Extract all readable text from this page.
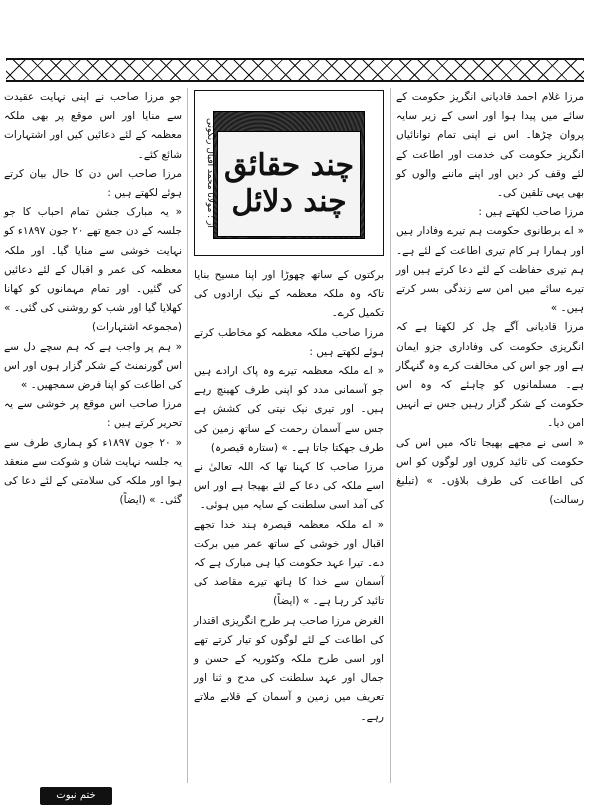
مرزا غلام احمد قادیانی انگریز حکومت کے سائے میں پیدا ہوا اور اسی کے زیر سایہ پروان چڑھا۔ اس نے اپنی تمام توانائیاں انگریز حکومت کی خدمت اور اطاعت کے لئے وقف کر دیں اور اپنے ماننے والوں کو بھی یہی تلقین کی۔

مرزا صاحب لکھتے ہیں :

« اے برطانوی حکومت ہم تیرے وفادار ہیں اور ہمارا ہر کام تیری اطاعت کے لئے ہے۔ ہم تیری حفاظت کے لئے دعا کرتے ہیں اور تیرے سائے میں امن سے زندگی بسر کرتے ہیں۔ »

مرزا قادیانی آگے چل کر لکھتا ہے کہ انگریزی حکومت کی وفاداری جزو ایمان ہے اور جو اس کی مخالفت کرے وہ گنہگار ہے۔ مسلمانوں کو چاہئے کہ وہ اس حکومت کے شکر گزار رہیں جس نے انہیں امن دیا۔

« اسی نے مجھے بھیجا تاکہ میں اس کی حکومت کی تائید کروں اور لوگوں کو اس کی اطاعت کی طرف بلاؤں۔ » (تبلیغ رسالت)

چند حقائق
چند دلائل
از : مولانا محمد اقبال رنگونی

برکتوں کے ساتھ چھوڑا اور اپنا مسیح بنایا تاکہ وہ ملکہ معظمہ کے نیک ارادوں کی تکمیل کرے۔

مرزا صاحب ملکہ معظمہ کو مخاطب کرتے ہوئے لکھتے ہیں :

« اے ملکہ معظمہ تیرے وہ پاک ارادے ہیں جو آسمانی مدد کو اپنی طرف کھینچ رہے ہیں۔ اور تیری نیک نیتی کی کشش ہے جس سے آسمان رحمت کے ساتھ زمین کی طرف جھکتا جاتا ہے۔ » (ستارہ قیصرہ)

مرزا صاحب کا کہنا تھا کہ اللہ تعالیٰ نے اسے ملکہ کی دعا کے لئے بھیجا ہے اور اس کی آمد اسی سلطنت کے سایہ میں ہوئی۔

« اے ملکہ معظمہ قیصرہ ہند خدا تجھے اقبال اور خوشی کے ساتھ عمر میں برکت دے۔ تیرا عہد حکومت کیا ہی مبارک ہے کہ آسمان سے خدا کا ہاتھ تیرے مقاصد کی تائید کر رہا ہے۔ » (ایضاً)

الغرض مرزا صاحب ہر طرح انگریزی اقتدار کی اطاعت کے لئے لوگوں کو تیار کرتے تھے اور اسی طرح ملکہ وکٹوریہ کے حسن و جمال اور عہد سلطنت کی مدح و ثنا اور تعریف میں زمین و آسمان کے قلابے ملاتے رہے۔

جو مرزا صاحب نے اپنی نہایت عقیدت سے منایا اور اس موقع پر بھی ملکہ معظمہ کے لئے دعائیں کیں اور اشتہارات شائع کئے۔

مرزا صاحب اس دن کا حال بیان کرتے ہوئے لکھتے ہیں :

« یہ مبارک جشن تمام احباب کا جو جلسہ کے دن جمع تھے ۲۰ جون ۱۸۹۷ء کو نہایت خوشی سے منایا گیا۔ اور ملکہ معظمہ کی عمر و اقبال کے لئے دعائیں کی گئیں۔ اور تمام مہمانوں کو کھانا کھلایا گیا اور شب کو روشنی کی گئی۔ » (مجموعہ اشتہارات)

« ہم پر واجب ہے کہ ہم سچے دل سے اس گورنمنٹ کے شکر گزار ہوں اور اس کی اطاعت کو اپنا فرض سمجھیں۔ »

مرزا صاحب اس موقع پر خوشی سے یہ تحریر کرتے ہیں :

« ۲۰ جون ۱۸۹۷ء کو ہماری طرف سے یہ جلسہ نہایت شان و شوکت سے منعقد ہوا اور ملکہ کی سلامتی کے لئے دعا کی گئی۔ » (ایضاً)

ختم نبوت
